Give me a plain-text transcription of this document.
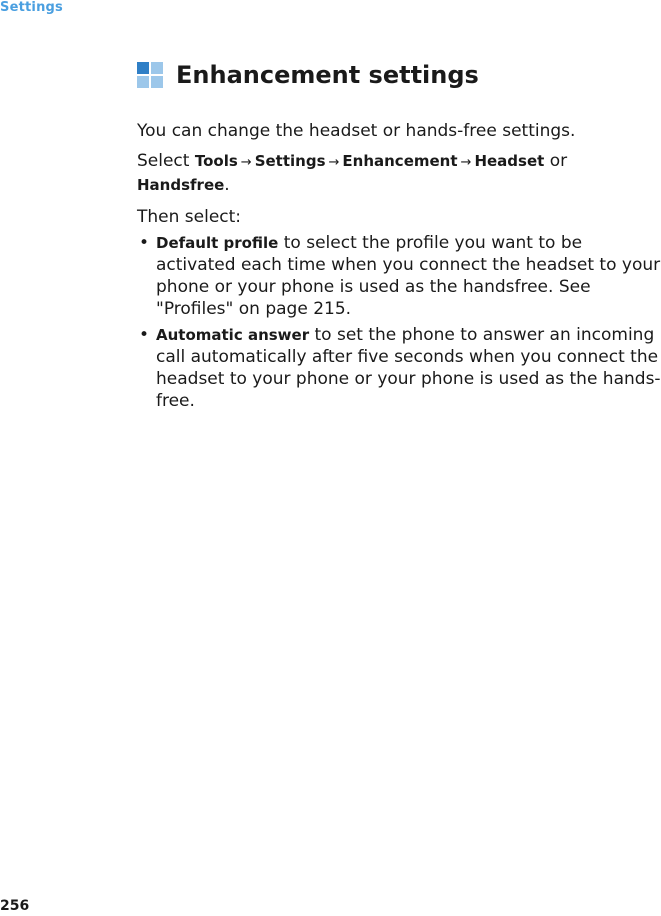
Settings
Enhancement settings

You can change the headset or hands-free settings.

Select Tools → Settings → Enhancement → Headset or Handsfree.

Then select:

• Default profile to select the profile you want to be activated each time when you connect the headset to your phone or your phone is used as the handsfree. See "Profiles" on page 215.
• Automatic answer to set the phone to answer an incoming call automatically after five seconds when you connect the headset to your phone or your phone is used as the hands-free.
256
